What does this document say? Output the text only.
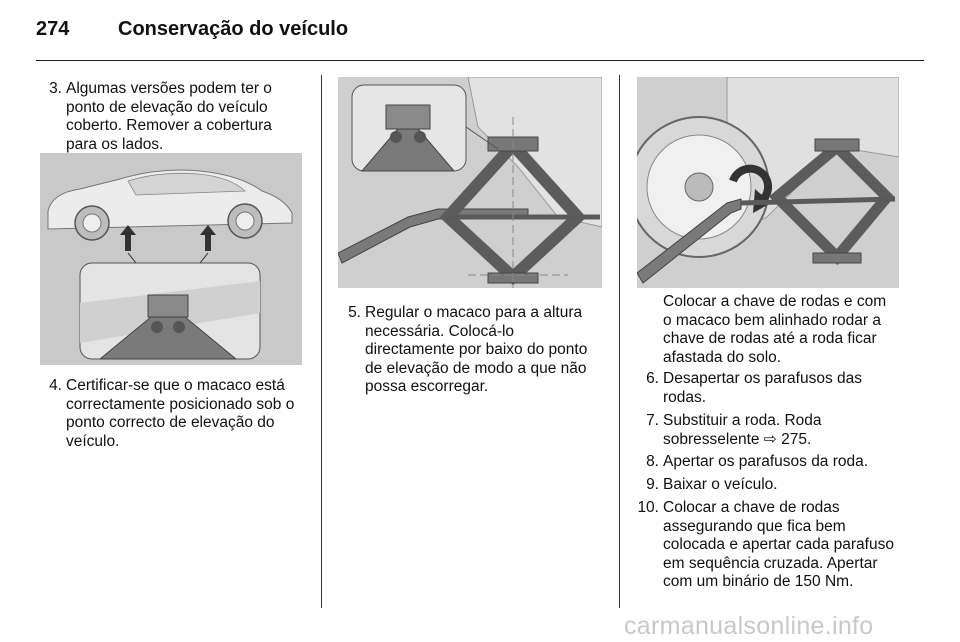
274 Conservação do veículo
3. Algumas versões podem ter o
ponto de elevação do veículo
coberto. Remover a cobertura
para os lados.
4. Certificar-se que o macaco está
correctamente posicionado sob o
ponto correcto de elevação do
veículo.
5. Regular o macaco para a altura
necessária. Colocá-lo
directamente por baixo do ponto
de elevação de modo a que não
possa escorregar.
Colocar a chave de rodas e com
o macaco bem alinhado rodar a
chave de rodas até a roda ficar
afastada do solo.
6. Desapertar os parafusos das
rodas.
7. Substituir a roda. Roda
sobresselente ⇨ 275.
8. Apertar os parafusos da roda.
9. Baixar o veículo.
10. Colocar a chave de rodas
assegurando que fica bem
colocada e apertar cada parafuso
em sequência cruzada. Apertar
com um binário de 150 Nm.
carmanualsonline.info
